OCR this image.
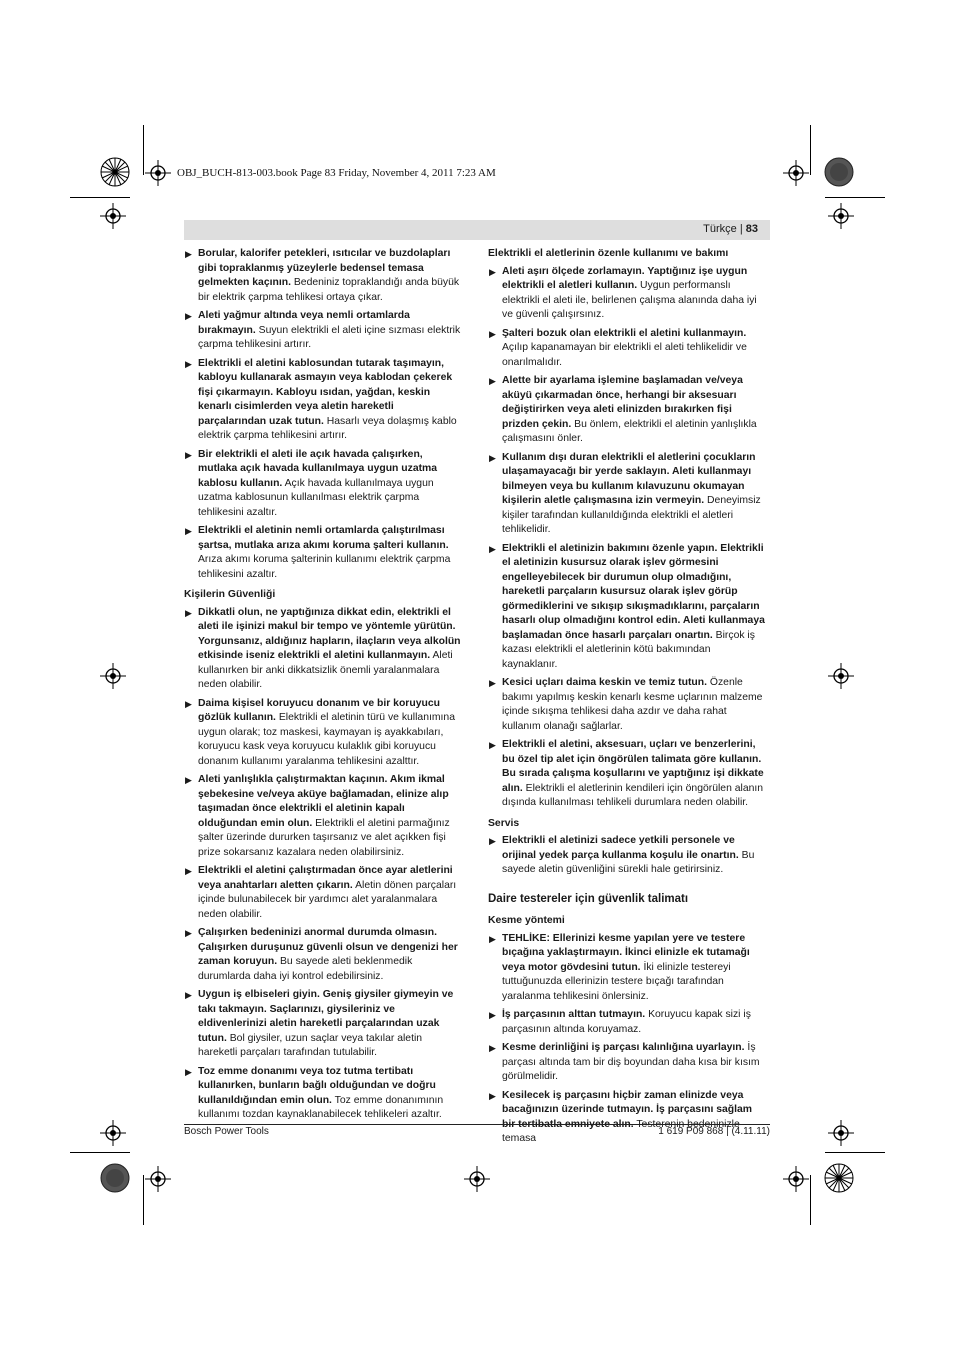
OBJ_BUCH-813-003.book Page 83 Friday, November 4, 2011 7:23 AM
Türkçe | 83
▶ Borular, kalorifer petekleri, ısıtıcılar ve buzdolapları gibi topraklanmış yüzeylerle bedensel temasa gelmekten kaçının. Bedeniniz topraklandığı anda büyük bir elektrik çarpma tehlikesi ortaya çıkar.
▶ Aleti yağmur altında veya nemli ortamlarda bırakmayın. Suyun elektrikli el aleti içine sızması elektrik çarpma tehlikesini artırır.
▶ Elektrikli el aletini kablosundan tutarak taşımayın, kabloyu kullanarak asmayın veya kablodan çekerek fişi çıkarmayın. Kabloyu ısıdan, yağdan, keskin kenarlı cisimlerden veya aletin hareketli parçalarından uzak tutun. Hasarlı veya dolaşmış kablo elektrik çarpma tehlikesini artırır.
▶ Bir elektrikli el aleti ile açık havada çalışırken, mutlaka açık havada kullanılmaya uygun uzatma kablosu kullanın. Açık havada kullanılmaya uygun uzatma kablosunun kullanılması elektrik çarpma tehlikesini azaltır.
▶ Elektrikli el aletinin nemli ortamlarda çalıştırılması şartsa, mutlaka arıza akımı koruma şalteri kullanın. Arıza akımı koruma şalterinin kullanımı elektrik çarpma tehlikesini azaltır.
Kişilerin Güvenliği
▶ Dikkatli olun, ne yaptığınıza dikkat edin, elektrikli el aleti ile işinizi makul bir tempo ve yöntemle yürütün. Yorgunsanız, aldığınız hapların, ilaçların veya alkolün etkisinde iseniz elektrikli el aletini kullanmayın. Aleti kullanırken bir anki dikkatsizlik önemli yaralanmalara neden olabilir.
▶ Daima kişisel koruyucu donanım ve bir koruyucu gözlük kullanın. Elektrikli el aletinin türü ve kullanımına uygun olarak; toz maskesi, kaymayan iş ayakkabıları, koruyucu kask veya koruyucu kulaklık gibi koruyucu donanım kullanımı yaralanma tehlikesini azalttır.
▶ Aleti yanlışlıkla çalıştırmaktan kaçının. Akım ikmal şebekesine ve/veya aküye bağlamadan, elinize alıp taşımadan önce elektrikli el aletinin kapalı olduğundan emin olun. Elektrikli el aletini parmağınız şalter üzerinde dururken taşırsanız ve alet açıkken fişi prize sokarsanız kazalara neden olabilirsiniz.
▶ Elektrikli el aletini çalıştırmadan önce ayar aletlerini veya anahtarları aletten çıkarın. Aletin dönen parçaları içinde bulunabilecek bir yardımcı alet yaralanmalara neden olabilir.
▶ Çalışırken bedeninizi anormal durumda olmasın. Çalışırken duruşunuz güvenli olsun ve dengenizi her zaman koruyun. Bu sayede aleti beklenmedik durumlarda daha iyi kontrol edebilirsiniz.
▶ Uygun iş elbiseleri giyin. Geniş giysiler giymeyin ve takı takmayın. Saçlarınızı, giysileriniz ve eldivenlerinizi aletin hareketli parçalarından uzak tutun. Bol giysiler, uzun saçlar veya takılar aletin hareketli parçaları tarafından tutulabilir.
▶ Toz emme donanımı veya toz tutma tertibatı kullanırken, bunların bağlı olduğundan ve doğru kullanıldığından emin olun. Toz emme donanımının kullanımı tozdan kaynaklanabilecek tehlikeleri azaltır.
Elektrikli el aletlerinin özenle kullanımı ve bakımı
▶ Aleti aşırı ölçede zorlamayın. Yaptığınız işe uygun elektrikli el aletleri kullanın. Uygun performanslı elektrikli el aleti ile, belirlenen çalışma alanında daha iyi ve güvenli çalışırsınız.
▶ Şalteri bozuk olan elektrikli el aletini kullanmayın. Açılıp kapanamayan bir elektrikli el aleti tehlikelidir ve onarılmalıdır.
▶ Alette bir ayarlama işlemine başlamadan ve/veya aküyü çıkarmadan önce, herhangi bir aksesuarı değiştirirken veya aleti elinizden bırakırken fişi prizden çekin. Bu önlem, elektrikli el aletinin yanlışlıkla çalışmasını önler.
▶ Kullanım dışı duran elektrikli el aletlerini çocukların ulaşamayacağı bir yerde saklayın. Aleti kullanmayı bilmeyen veya bu kullanım kılavuzunu okumayan kişilerin aletle çalışmasına izin vermeyin. Deneyimsiz kişiler tarafından kullanıldığında elektrikli el aletleri tehlikelidir.
▶ Elektrikli el aletinizin bakımını özenle yapın. Elektrikli el aletinizin kusursuz olarak işlev görmesini engelleyebilecek bir durumun olup olmadığını, hareketli parçaların kusursuz olarak işlev görüp görmediklerini ve sıkışıp sıkışmadıklarını, parçaların hasarlı olup olmadığını kontrol edin. Aleti kullanmaya başlamadan önce hasarlı parçaları onartın. Birçok iş kazası elektrikli el aletlerinin kötü bakımından kaynaklanır.
▶ Kesici uçları daima keskin ve temiz tutun. Özenle bakımı yapılmış keskin kenarlı kesme uçlarının malzeme içinde sıkışma tehlikesi daha azdır ve daha rahat kullanım olanağı sağlarlar.
▶ Elektrikli el aletini, aksesuarı, uçları ve benzerlerini, bu özel tip alet için öngörülen talimata göre kullanın. Bu sırada çalışma koşullarını ve yaptığınız işi dikkate alın. Elektrikli el aletlerinin kendileri için öngörülen alanın dışında kullanılması tehlikeli durumlara neden olabilir.
Servis
▶ Elektrikli el aletinizi sadece yetkili personele ve orijinal yedek parça kullanma koşulu ile onartın. Bu sayede aletin güvenliğini sürekli hale getirirsiniz.
Daire testereler için güvenlik talimatı
Kesme yöntemi
▶ TEHLİKE: Ellerinizi kesme yapılan yere ve testere bıçağına yaklaştırmayın. İkinci elinizle ek tutamağı veya motor gövdesini tutun. İki elinizle testereyi tuttuğunuzda ellerinizin testere bıçağı tarafından yaralanma tehlikesini önlersiniz.
▶ İş parçasının alttan tutmayın. Koruyucu kapak sizi iş parçasının altında koruyamaz.
▶ Kesme derinliğini iş parçası kalınlığına uyarlayın. İş parçası altında tam bir diş boyundan daha kısa bir kısım görülmelidir.
▶ Kesilecek iş parçasını hiçbir zaman elinizde veya bacağınızın üzerinde tutmayın. İş parçasını sağlam bir tertibatla emniyete alın. Testerenin bedeninizle temasa
Bosch Power Tools	1 619 P09 868 | (4.11.11)
